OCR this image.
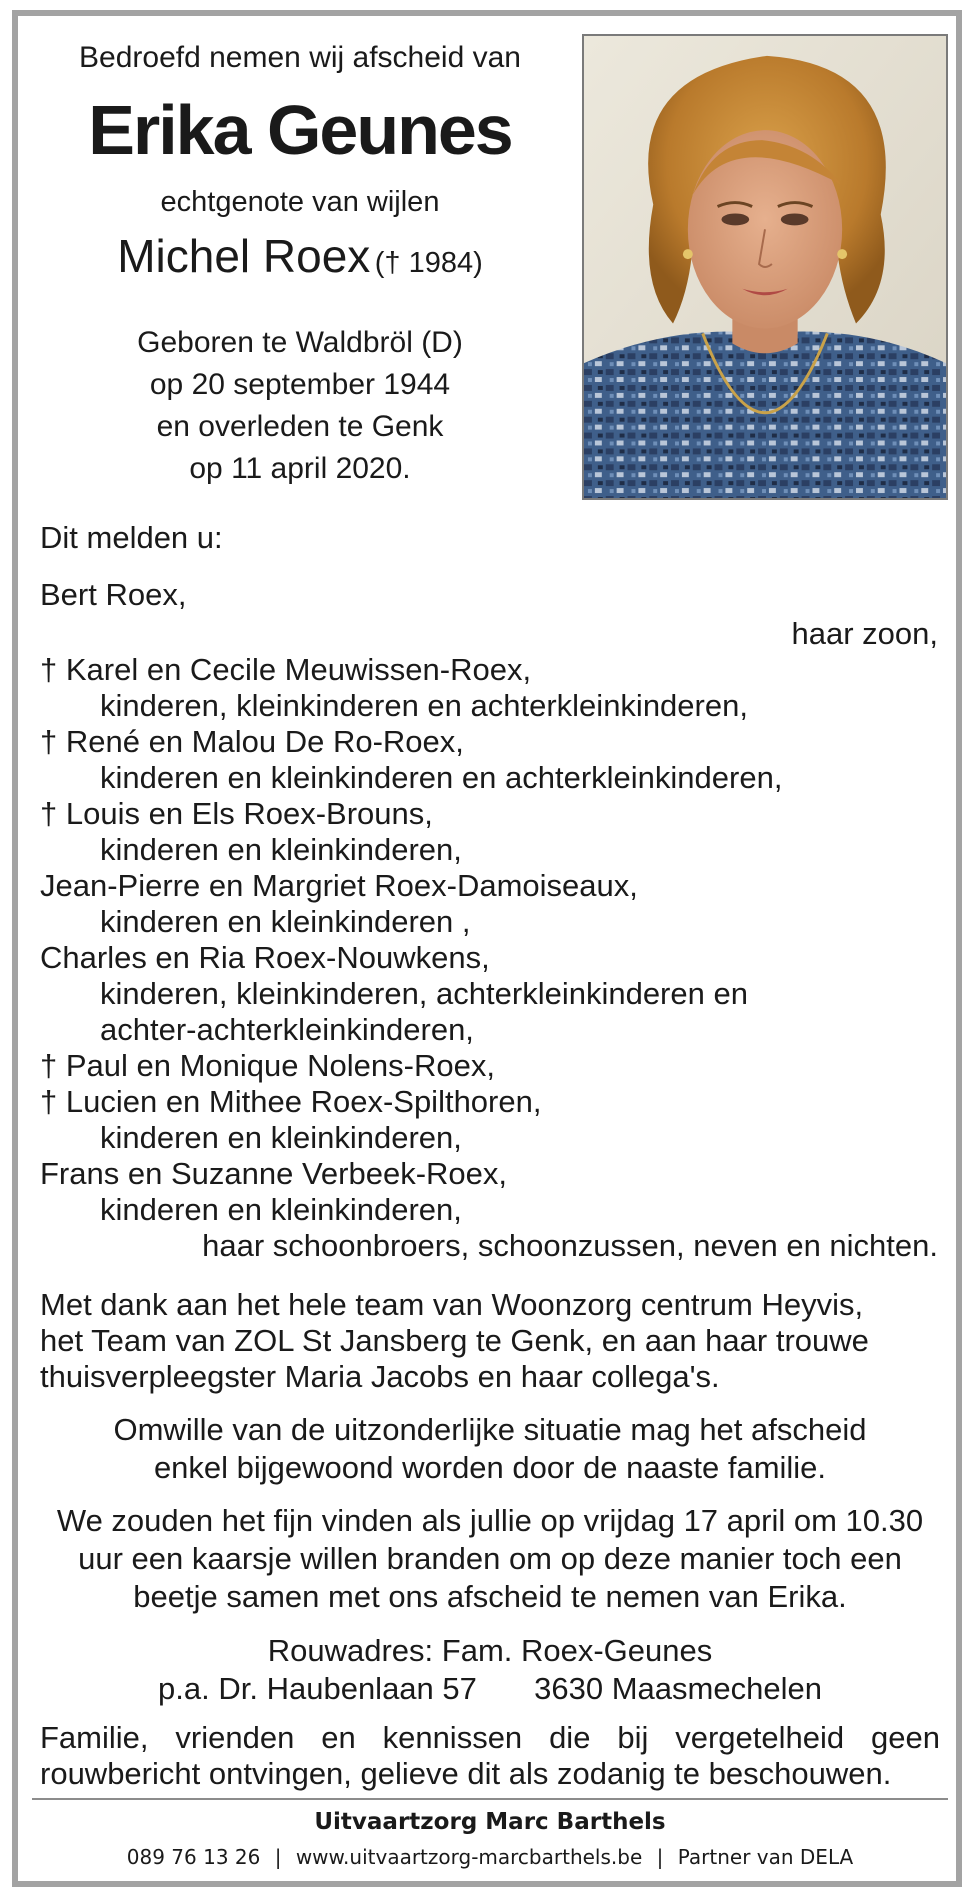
Bedroefd nemen wij afscheid van
Erika Geunes
echtgenote van wijlen
Michel Roex († 1984)
Geboren te Waldbröl (D)
op 20 september 1944
en overleden te Genk
op 11 april 2020.
Dit melden u:
Bert Roex,
haar zoon,
† Karel en Cecile Meuwissen-Roex,
kinderen, kleinkinderen en achterkleinkinderen,
† René en Malou De Ro-Roex,
kinderen en kleinkinderen en achterkleinkinderen,
† Louis en Els Roex-Brouns,
kinderen en kleinkinderen,
Jean-Pierre en Margriet Roex-Damoiseaux,
kinderen en kleinkinderen ,
Charles en Ria Roex-Nouwkens,
kinderen, kleinkinderen, achterkleinkinderen en
achter-achterkleinkinderen,
† Paul en Monique Nolens-Roex,
† Lucien en Mithee Roex-Spilthoren,
kinderen en kleinkinderen,
Frans en Suzanne Verbeek-Roex,
kinderen en kleinkinderen,
haar schoonbroers, schoonzussen, neven en nichten.
Met dank aan het hele team van Woonzorg centrum Heyvis,
het Team van ZOL St Jansberg te Genk, en aan haar trouwe
thuisverpleegster Maria Jacobs en haar collega's.
Omwille van de uitzonderlijke situatie mag het afscheid
enkel bijgewoond worden door de naaste familie.
We zouden het fijn vinden als jullie op vrijdag 17 april om 10.30
uur een kaarsje willen branden om op deze manier toch een
beetje samen met ons afscheid te nemen van Erika.
Rouwadres: Fam. Roex-Geunes
p.a. Dr. Haubenlaan 57 3630 Maasmechelen
Familie, vrienden en kennissen die bij vergetelheid geen
rouwbericht ontvingen, gelieve dit als zodanig te beschouwen.
Uitvaartzorg Marc Barthels
089 76 13 26 | www.uitvaartzorg-marcbarthels.be | Partner van DELA
